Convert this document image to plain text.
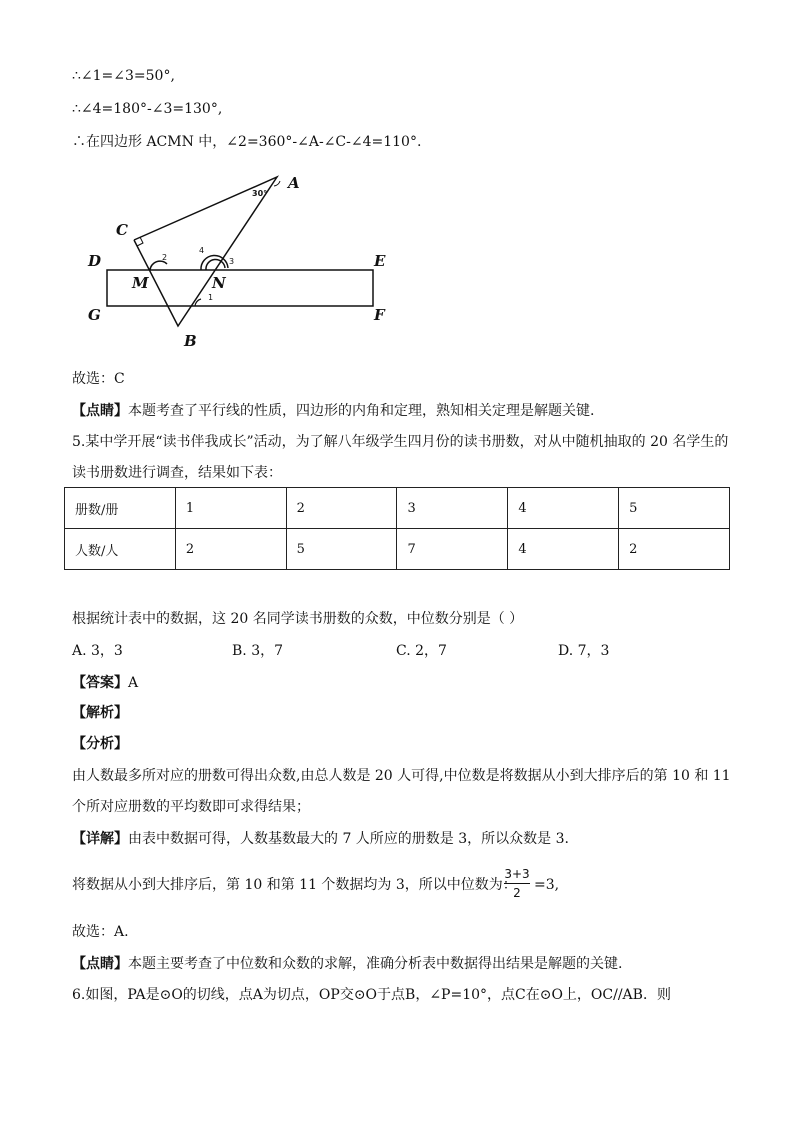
∴∠1=∠3=50°,
∴∠4=180°-∠3=130°,
∴在四边形 ACMN 中，∠2=360°-∠A-∠C-∠4=110°.
A
B
C
D	E
F
G
M	N
30°
2
4
3
1
故选：C
【点睛】本题考查了平行线的性质，四边形的内角和定理，熟知相关定理是解题关键.
5.某中学开展“读书伴我成长”活动，为了解八年级学生四月份的读书册数，对从中随机抽取的 20 名学生的
读书册数进行调查，结果如下表：
册数/册	1	2	3	4	5
人数/人	2	5	7	4	2
根据统计表中的数据，这 20 名同学读书册数的众数，中位数分别是（ ）
A. 3，3	B. 3，7	C. 2，7	D. 7，3
【答案】A
【解析】
【分析】
由人数最多所对应的册数可得出众数,由总人数是 20 人可得,中位数是将数据从小到大排序后的第 10 和 11
个所对应册数的平均数即可求得结果；
【详解】由表中数据可得，人数基数最大的 7 人所应的册数是 3，所以众数是 3.
将数据从小到大排序后，第 10 和第 11 个数据均为 3，所以中位数为：
3+3
2 =3,
故选：A.
【点睛】本题主要考查了中位数和众数的求解，准确分析表中数据得出结果是解题的关键.
6.如图，PA是⊙O的切线，点A为切点，OP交⊙O于点B，∠P=10°，点C在⊙O上，OC//AB．则
